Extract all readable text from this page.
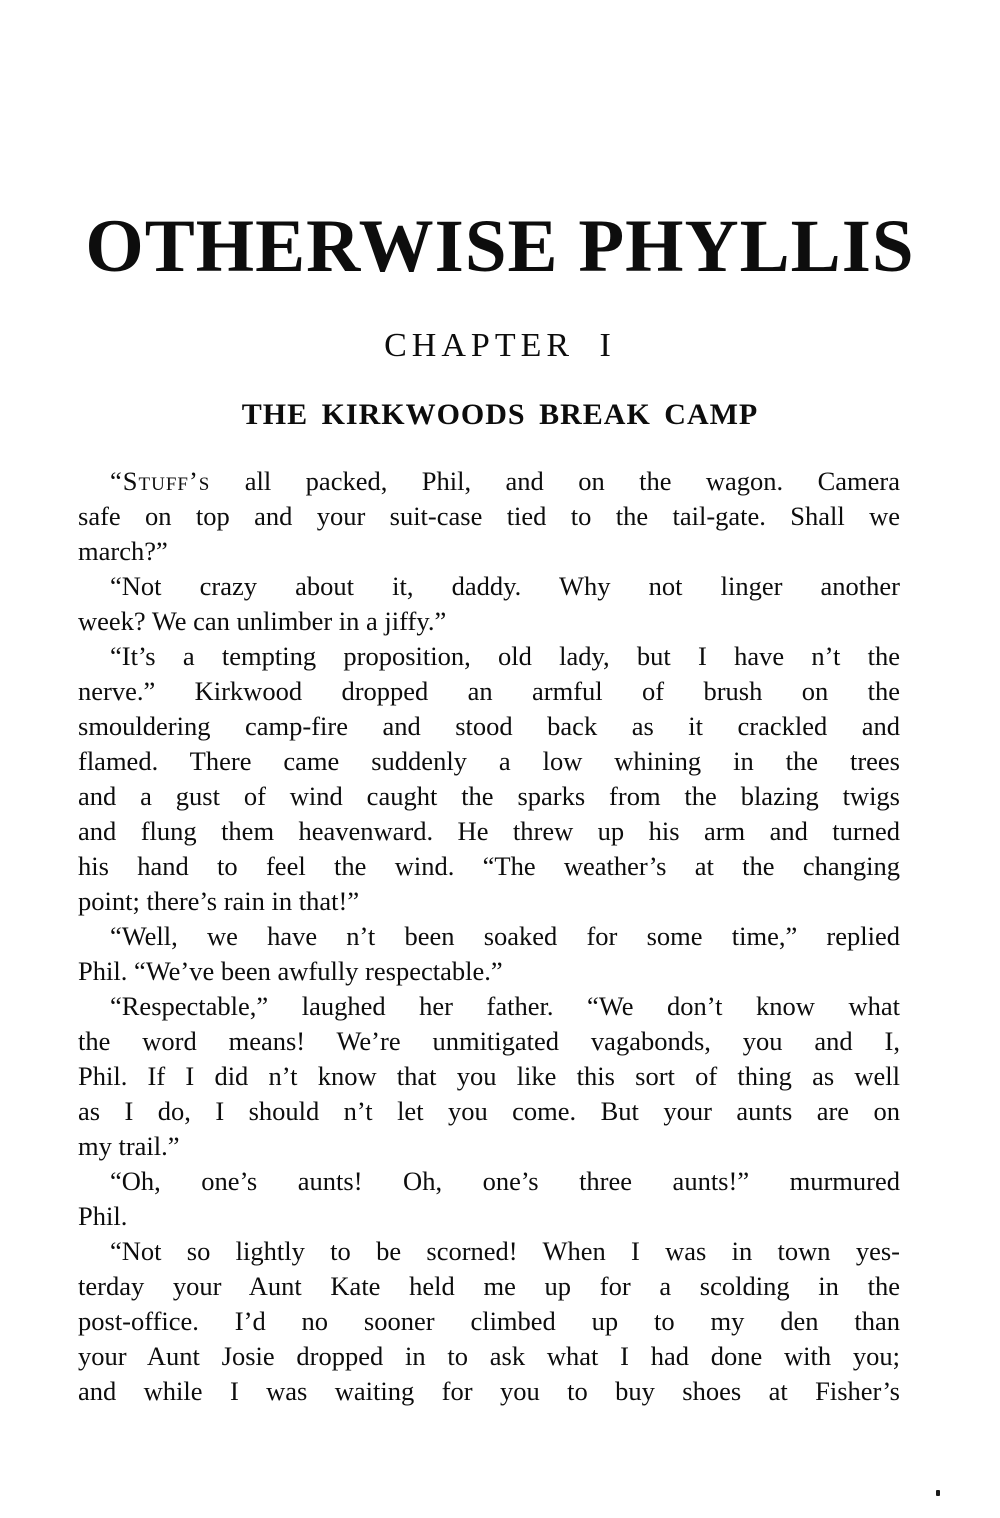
OTHERWISE PHYLLIS
CHAPTER I
THE KIRKWOODS BREAK CAMP
“Stuff’s all packed, Phil, and on the wagon. Camera
safe on top and your suit-case tied to the tail-gate. Shall we
march?”
“Not crazy about it, daddy. Why not linger another
week? We can unlimber in a jiffy.”
“It’s a tempting proposition, old lady, but I have n’t the
nerve.” Kirkwood dropped an armful of brush on the
smouldering camp-fire and stood back as it crackled and
flamed. There came suddenly a low whining in the trees
and a gust of wind caught the sparks from the blazing twigs
and flung them heavenward. He threw up his arm and turned
his hand to feel the wind. “The weather’s at the changing
point; there’s rain in that!”
“Well, we have n’t been soaked for some time,” replied
Phil. “We’ve been awfully respectable.”
“Respectable,” laughed her father. “We don’t know what
the word means! We’re unmitigated vagabonds, you and I,
Phil. If I did n’t know that you like this sort of thing as well
as I do, I should n’t let you come. But your aunts are on
my trail.”
“Oh, one’s aunts! Oh, one’s three aunts!” murmured
Phil.
“Not so lightly to be scorned! When I was in town yes-
terday your Aunt Kate held me up for a scolding in the
post-office. I’d no sooner climbed up to my den than
your Aunt Josie dropped in to ask what I had done with you;
and while I was waiting for you to buy shoes at Fisher’s
